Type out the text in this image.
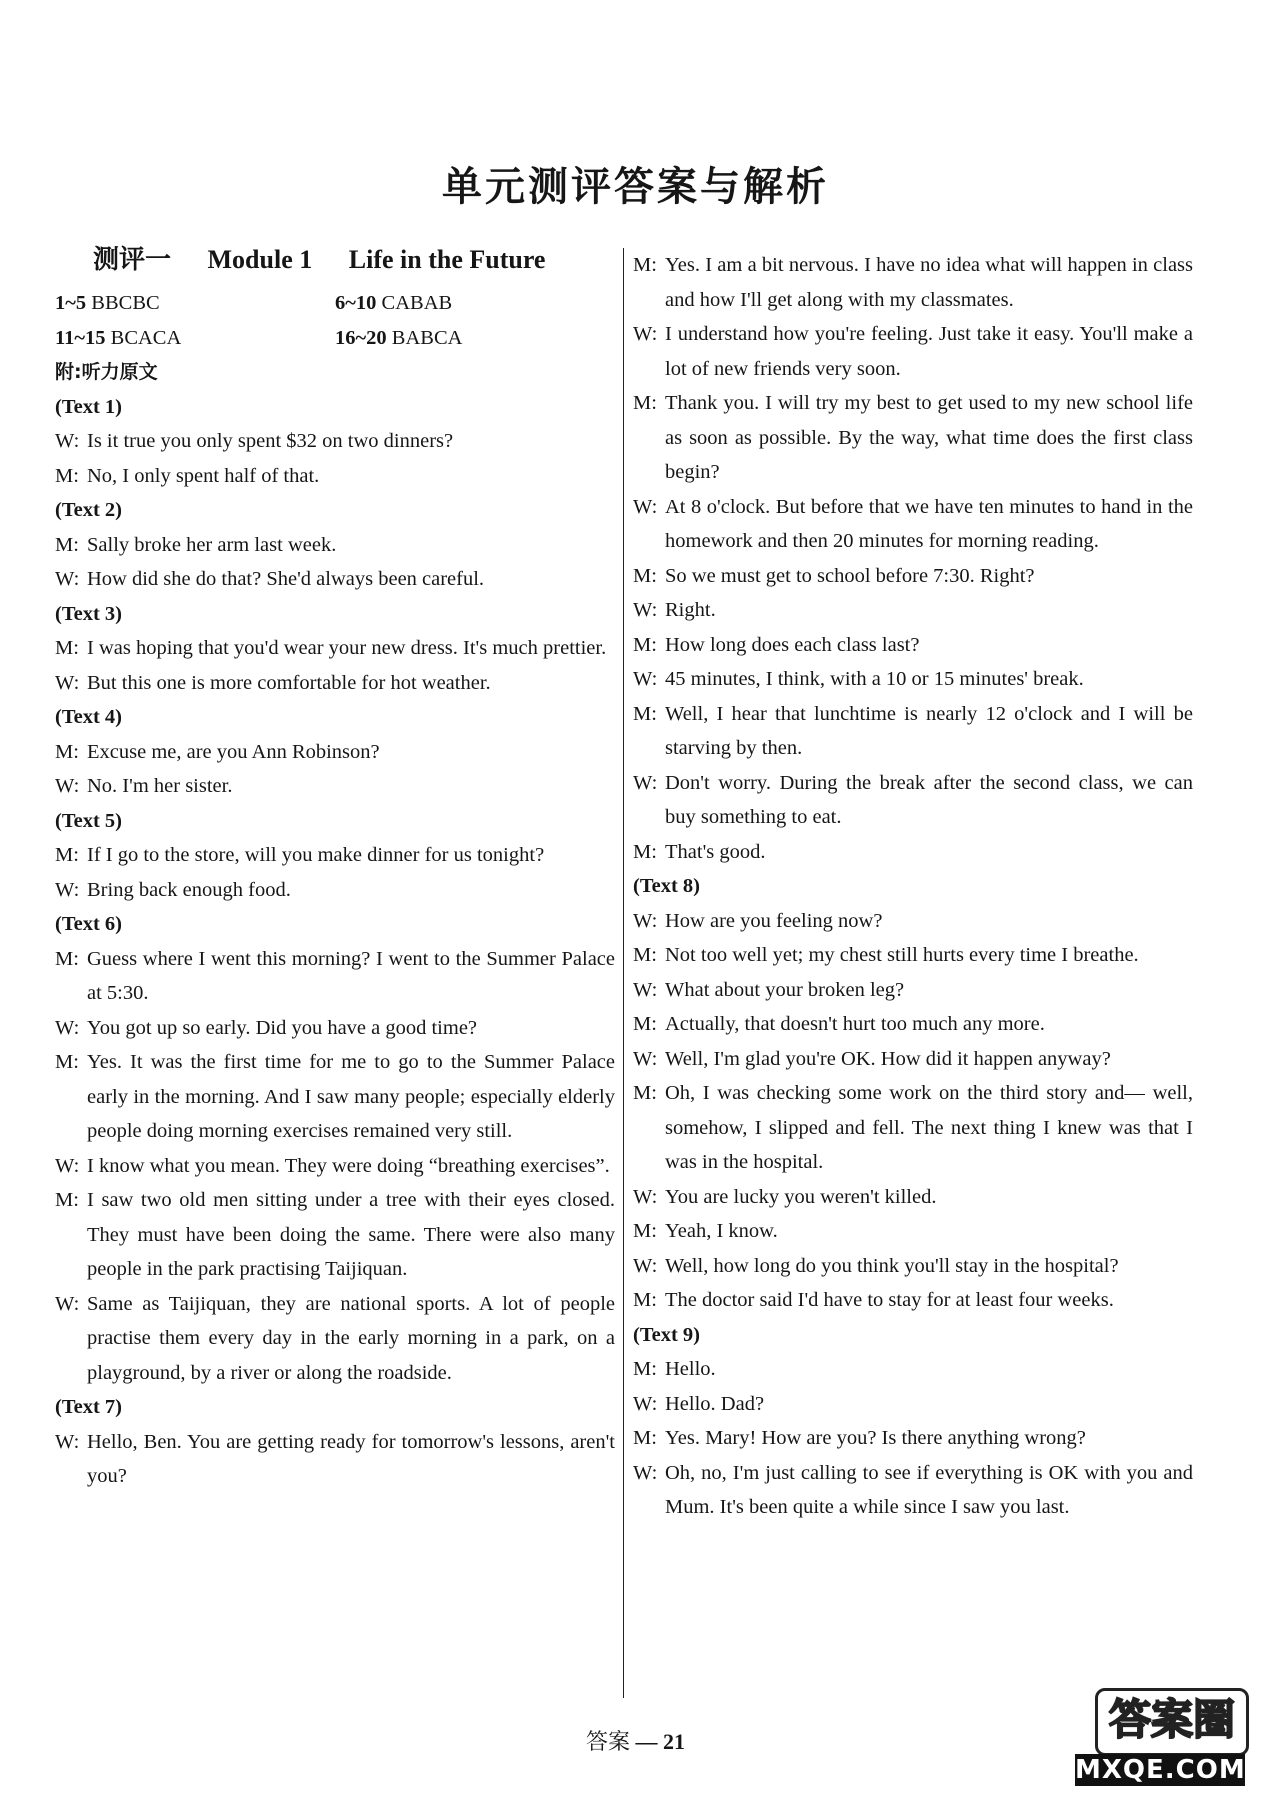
单元测评答案与解析
测评一 Module 1 Life in the Future
1~5 BBCBC	6~10 CABAB
11~15 BCACA	16~20 BABCA
附:听力原文
(Text 1)
W: Is it true you only spent $32 on two dinners?
M: No, I only spent half of that.
(Text 2)
M: Sally broke her arm last week.
W: How did she do that? She'd always been careful.
(Text 3)
M: I was hoping that you'd wear your new dress. It's much prettier.
W: But this one is more comfortable for hot weather.
(Text 4)
M: Excuse me, are you Ann Robinson?
W: No. I'm her sister.
(Text 5)
M: If I go to the store, will you make dinner for us tonight?
W: Bring back enough food.
(Text 6)
M: Guess where I went this morning? I went to the Summer Palace at 5:30.
W: You got up so early. Did you have a good time?
M: Yes. It was the first time for me to go to the Summer Palace early in the morning. And I saw many people; especially elderly people doing morning exercises remained very still.
W: I know what you mean. They were doing “breathing exercises”.
M: I saw two old men sitting under a tree with their eyes closed. They must have been doing the same. There were also many people in the park practising Taijiquan.
W: Same as Taijiquan, they are national sports. A lot of people practise them every day in the early morning in a park, on a playground, by a river or along the roadside.
(Text 7)
W: Hello, Ben. You are getting ready for tomorrow's lessons, aren't you?
M: Yes. I am a bit nervous. I have no idea what will happen in class and how I'll get along with my classmates.
W: I understand how you're feeling. Just take it easy. You'll make a lot of new friends very soon.
M: Thank you. I will try my best to get used to my new school life as soon as possible. By the way, what time does the first class begin?
W: At 8 o'clock. But before that we have ten minutes to hand in the homework and then 20 minutes for morning reading.
M: So we must get to school before 7:30. Right?
W: Right.
M: How long does each class last?
W: 45 minutes, I think, with a 10 or 15 minutes' break.
M: Well, I hear that lunchtime is nearly 12 o'clock and I will be starving by then.
W: Don't worry. During the break after the second class, we can buy something to eat.
M: That's good.
(Text 8)
W: How are you feeling now?
M: Not too well yet; my chest still hurts every time I breathe.
W: What about your broken leg?
M: Actually, that doesn't hurt too much any more.
W: Well, I'm glad you're OK. How did it happen anyway?
M: Oh, I was checking some work on the third story and— well, somehow, I slipped and fell. The next thing I knew was that I was in the hospital.
W: You are lucky you weren't killed.
M: Yeah, I know.
W: Well, how long do you think you'll stay in the hospital?
M: The doctor said I'd have to stay for at least four weeks.
(Text 9)
M: Hello.
W: Hello. Dad?
M: Yes. Mary! How are you? Is there anything wrong?
W: Oh, no, I'm just calling to see if everything is OK with you and Mum. It's been quite a while since I saw you last.
答案 — 21	答案圈
MXQE.COM
